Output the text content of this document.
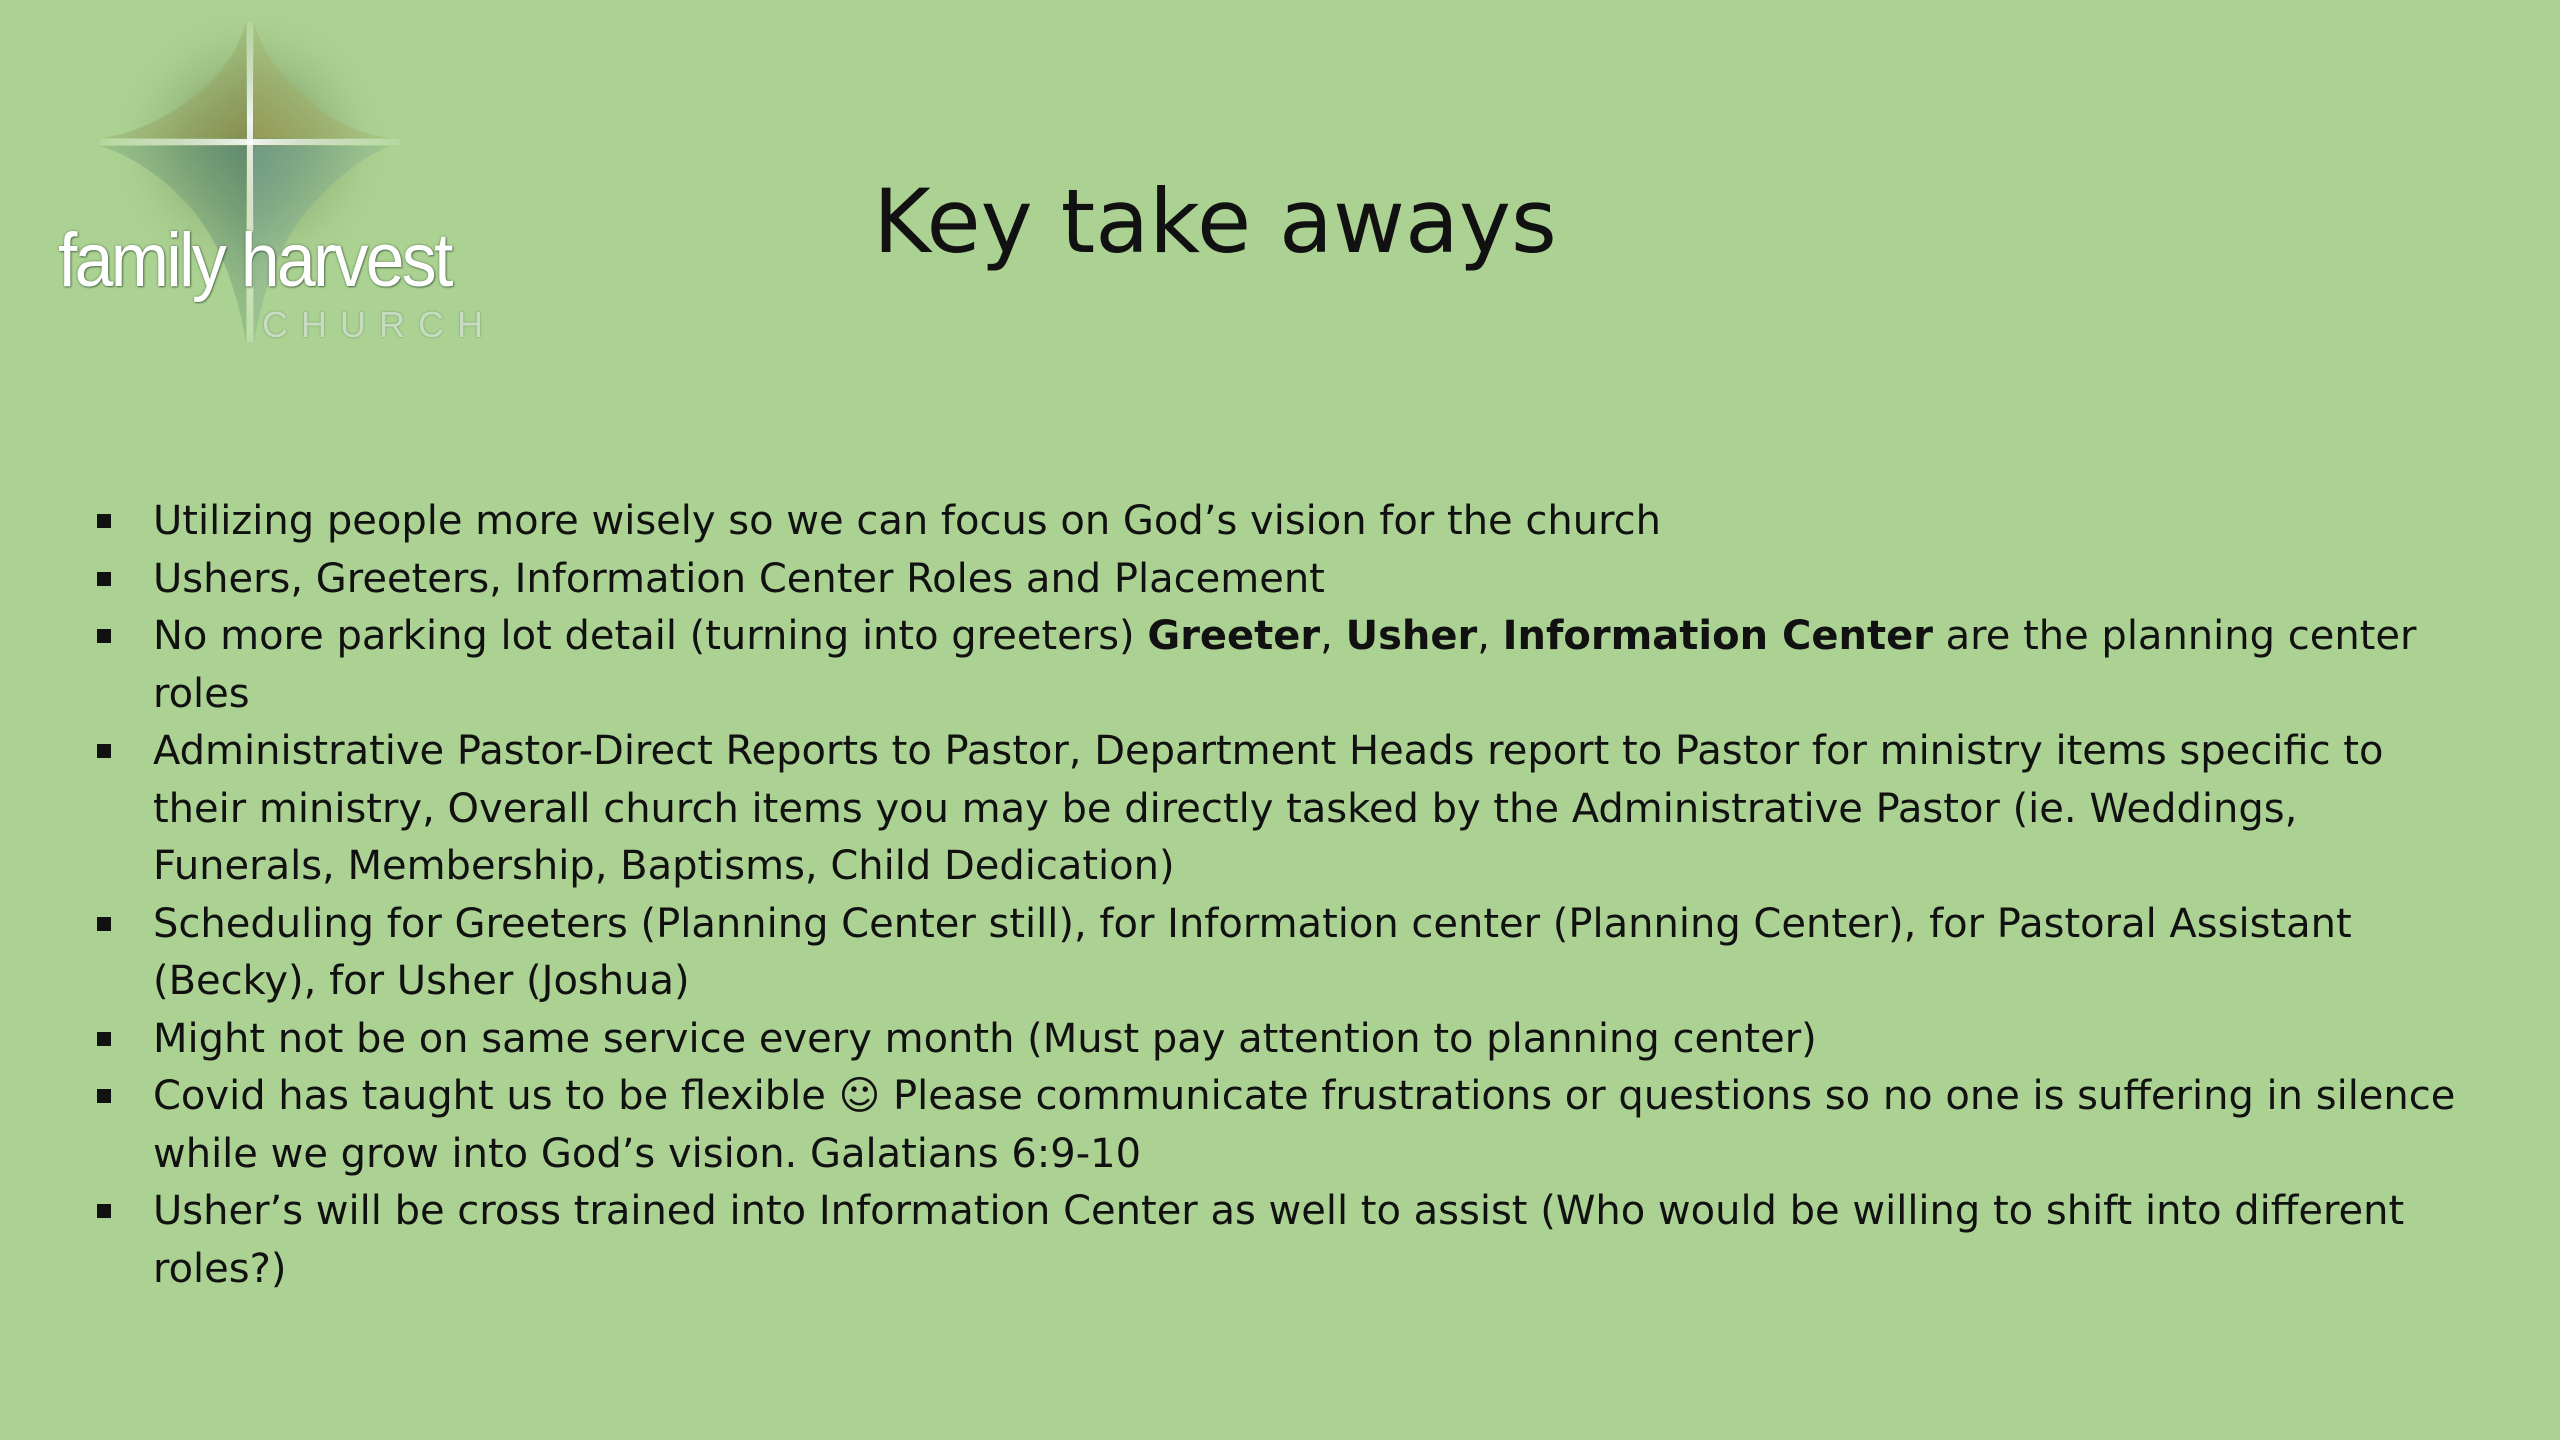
family harvest
CHURCH
Key take aways
Utilizing people more wisely so we can focus on God’s vision for the church
Ushers, Greeters, Information Center Roles and Placement
No more parking lot detail (turning into greeters) Greeter, Usher, Information Center are the planning center roles
Administrative Pastor-Direct Reports to Pastor, Department Heads report to Pastor for ministry items specific to their ministry, Overall church items you may be directly tasked by the Administrative Pastor (ie. Weddings, Funerals, Membership, Baptisms, Child Dedication)
Scheduling for Greeters (Planning Center still), for Information center (Planning Center), for Pastoral Assistant (Becky), for Usher (Joshua)
Might not be on same service every month (Must pay attention to planning center)
Covid has taught us to be flexible ☺ Please communicate frustrations or questions so no one is suffering in silence while we grow into God’s vision. Galatians 6:9-10
Usher’s will be cross trained into Information Center as well to assist (Who would be willing to shift into different roles?)
